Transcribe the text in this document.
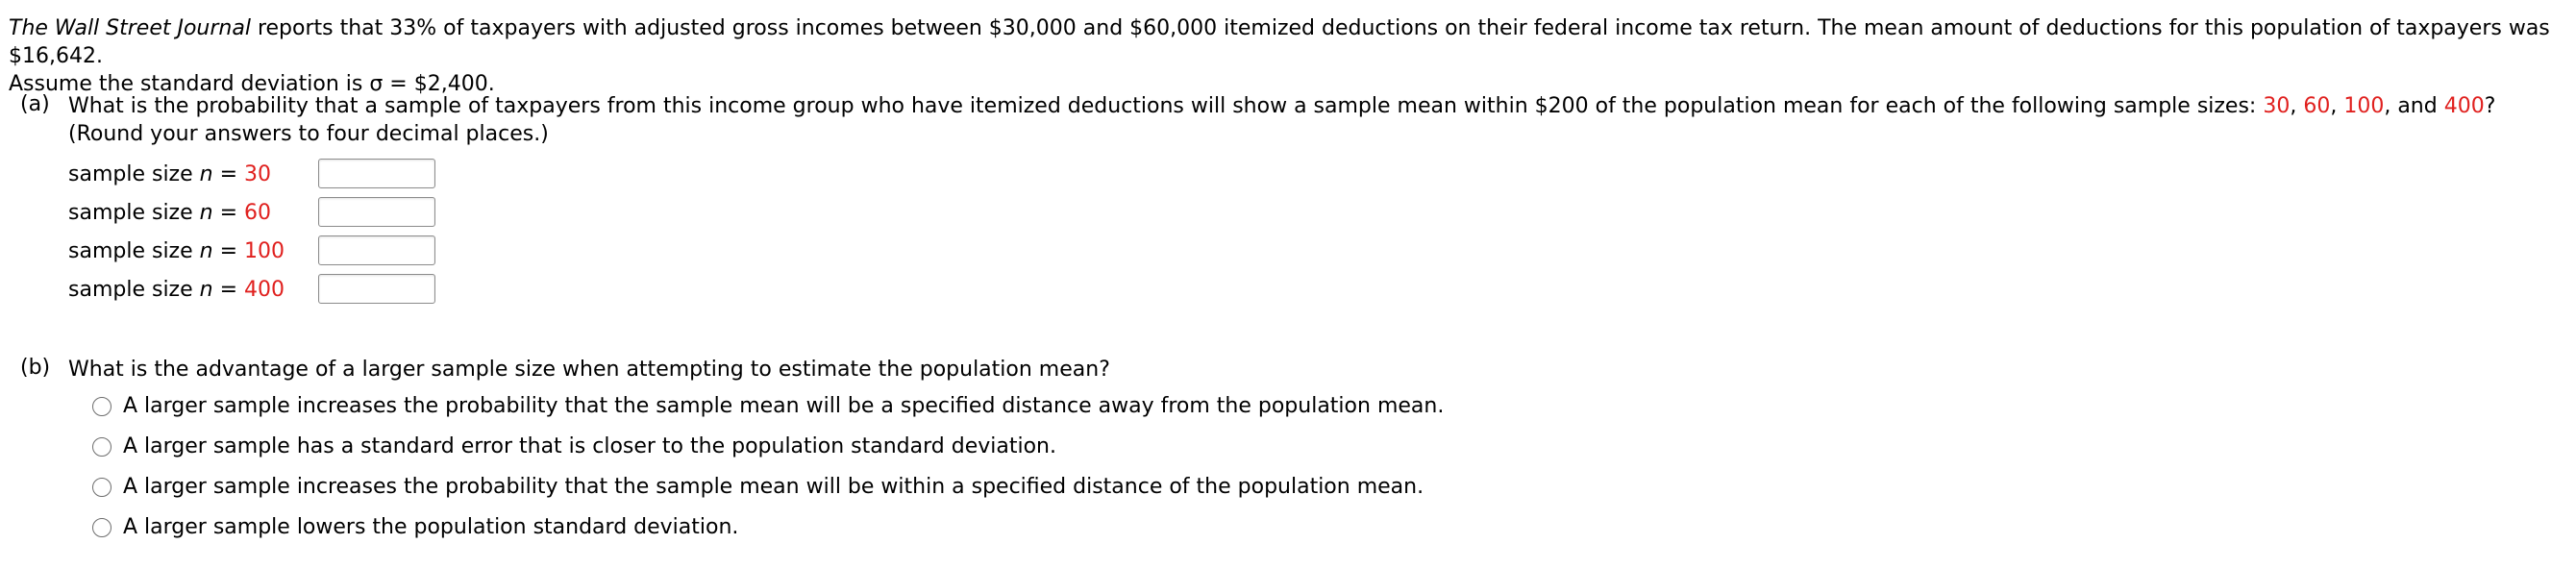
The Wall Street Journal reports that 33% of taxpayers with adjusted gross incomes between $30,000 and $60,000 itemized deductions on their federal income tax return. The mean amount of deductions for this population of taxpayers was $16,642.
Assume the standard deviation is σ = $2,400.
(a) What is the probability that a sample of taxpayers from this income group who have itemized deductions will show a sample mean within $200 of the population mean for each of the following sample sizes: 30, 60, 100, and 400? (Round your answers to four decimal places.)
sample size n = 30
sample size n = 60
sample size n = 100
sample size n = 400
(b) What is the advantage of a larger sample size when attempting to estimate the population mean?
A larger sample increases the probability that the sample mean will be a specified distance away from the population mean.
A larger sample has a standard error that is closer to the population standard deviation.
A larger sample increases the probability that the sample mean will be within a specified distance of the population mean.
A larger sample lowers the population standard deviation.
